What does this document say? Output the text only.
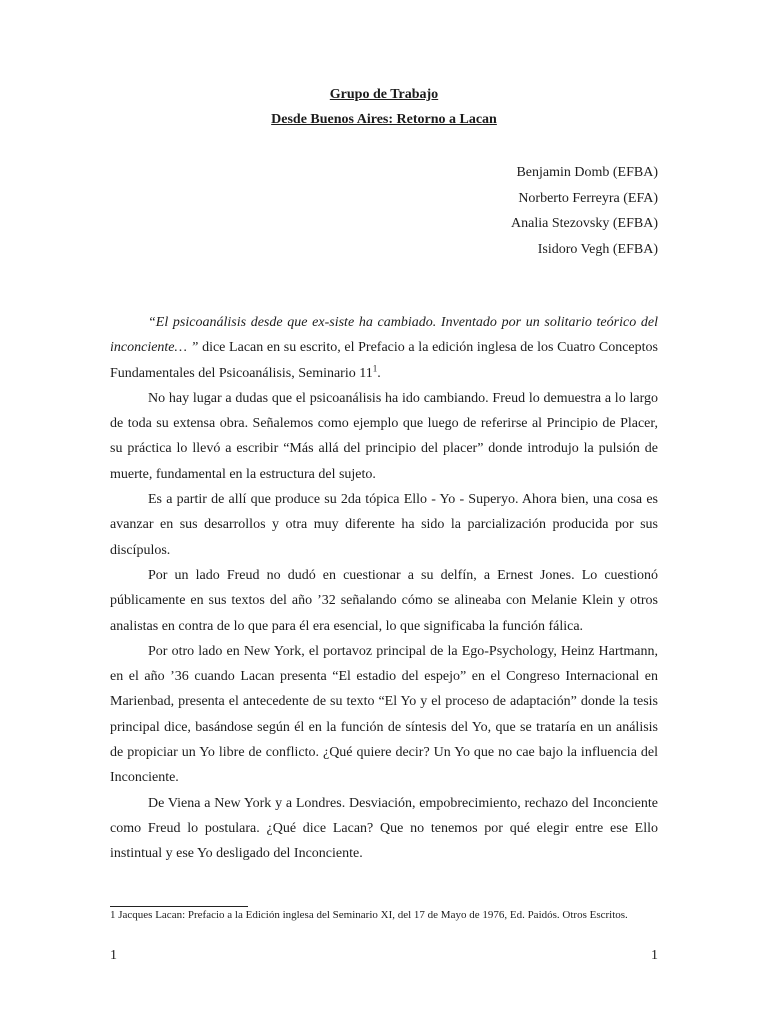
Grupo de Trabajo
Desde Buenos Aires: Retorno a Lacan
Benjamin Domb (EFBA)
Norberto Ferreyra (EFA)
Analia Stezovsky (EFBA)
Isidoro Vegh (EFBA)

“El psicoanálisis desde que ex-siste ha cambiado. Inventado por un solitario teórico del inconciente… ” dice Lacan en su escrito, el Prefacio a la edición inglesa de los Cuatro Conceptos Fundamentales del Psicoanálisis, Seminario 11$^1$.

No hay lugar a dudas que el psicoanálisis ha ido cambiando. Freud lo demuestra a lo largo de toda su extensa obra. Señalemos como ejemplo que luego de referirse al Principio de Placer, su práctica lo llevó a escribir “Más allá del principio del placer” donde introdujo la pulsión de muerte, fundamental en la estructura del sujeto.

Es a partir de allí que produce su 2da tópica Ello - Yo - Superyo. Ahora bien, una cosa es avanzar en sus desarrollos y otra muy diferente ha sido la parcialización producida por sus discípulos.

Por un lado Freud no dudó en cuestionar a su delfín, a Ernest Jones. Lo cuestionó públicamente en sus textos del año ’32 señalando cómo se alineaba con Melanie Klein y otros analistas en contra de lo que para él era esencial, lo que significaba la función fálica.

Por otro lado en New York, el portavoz principal de la Ego-Psychology, Heinz Hartmann, en el año ’36 cuando Lacan presenta “El estadio del espejo” en el Congreso Internacional en Marienbad, presenta el antecedente de su texto “El Yo y el proceso de adaptación” donde la tesis principal dice, basándose según él en la función de síntesis del Yo, que se trataría en un análisis de propiciar un Yo libre de conflicto. ¿Qué quiere decir? Un Yo que no cae bajo la influencia del Inconciente.

De Viena a New York y a Londres. Desviación, empobrecimiento, rechazo del Inconciente como Freud lo postulara. ¿Qué dice Lacan? Que no tenemos por qué elegir entre ese Ello instintual y ese Yo desligado del Inconciente.

1 Jacques Lacan: Prefacio a la Edición inglesa del Seminario XI, del 17 de Mayo de 1976, Ed. Paidós. Otros Escritos.
1	1
